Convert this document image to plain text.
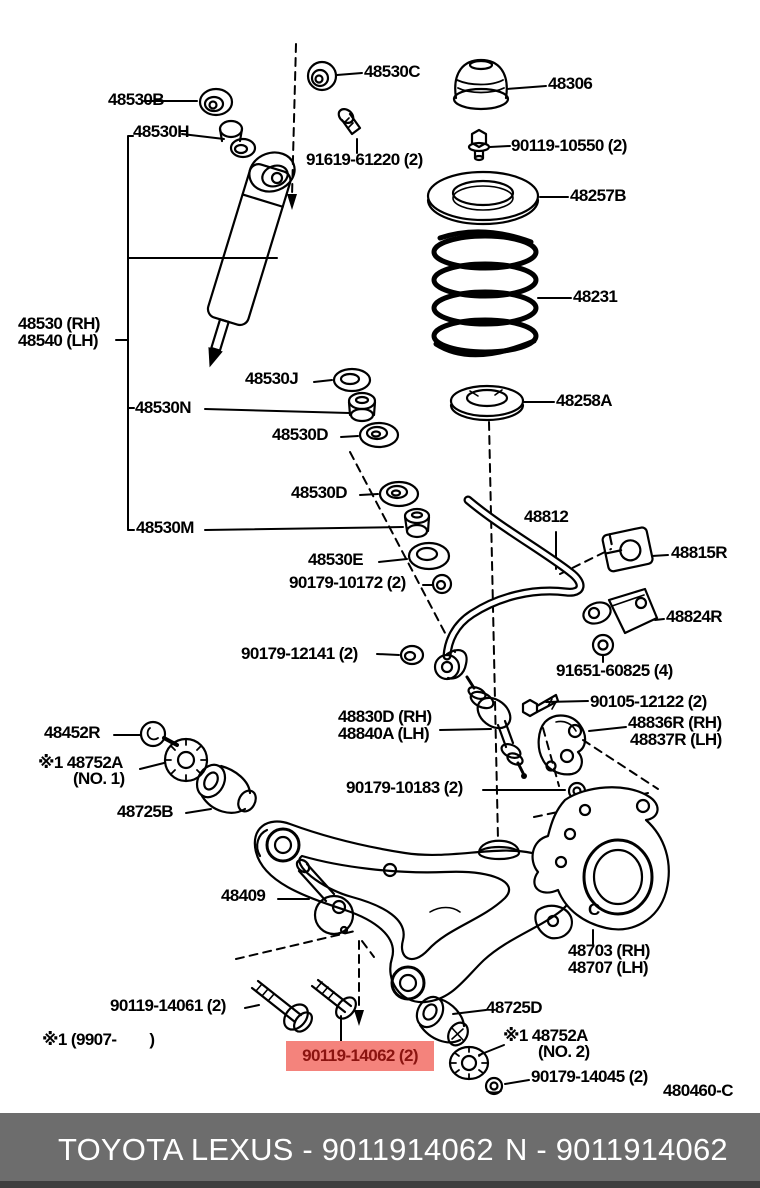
C
48530B
48530H
48530C
48306
91619-61220 (2)
90119-10550 (2)
48257B
48231
48258A
48530J
48530N
48530D
48530D
48530M
48530E
90179-10172 (2)
48530 (RH)
48540 (LH)
48812
48815R
48824R
91651-60825 (4)
90105-12122 (2)
90179-12141 (2)
48830D (RH)
48840A (LH)
48836R (RH)
48837R (LH)
90179-10183 (2)
48452R
※1 48752A
(NO. 1)
48725B
48409
48703 (RH)
48707 (LH)
90119-14061 (2)
※1 (9907-        )
48725D
※1 48752A
(NO. 2)
90179-14045 (2)
480460-C
90119-14062 (2)
TOYOTA LEXUS - 9011914062 N - 9011914062
